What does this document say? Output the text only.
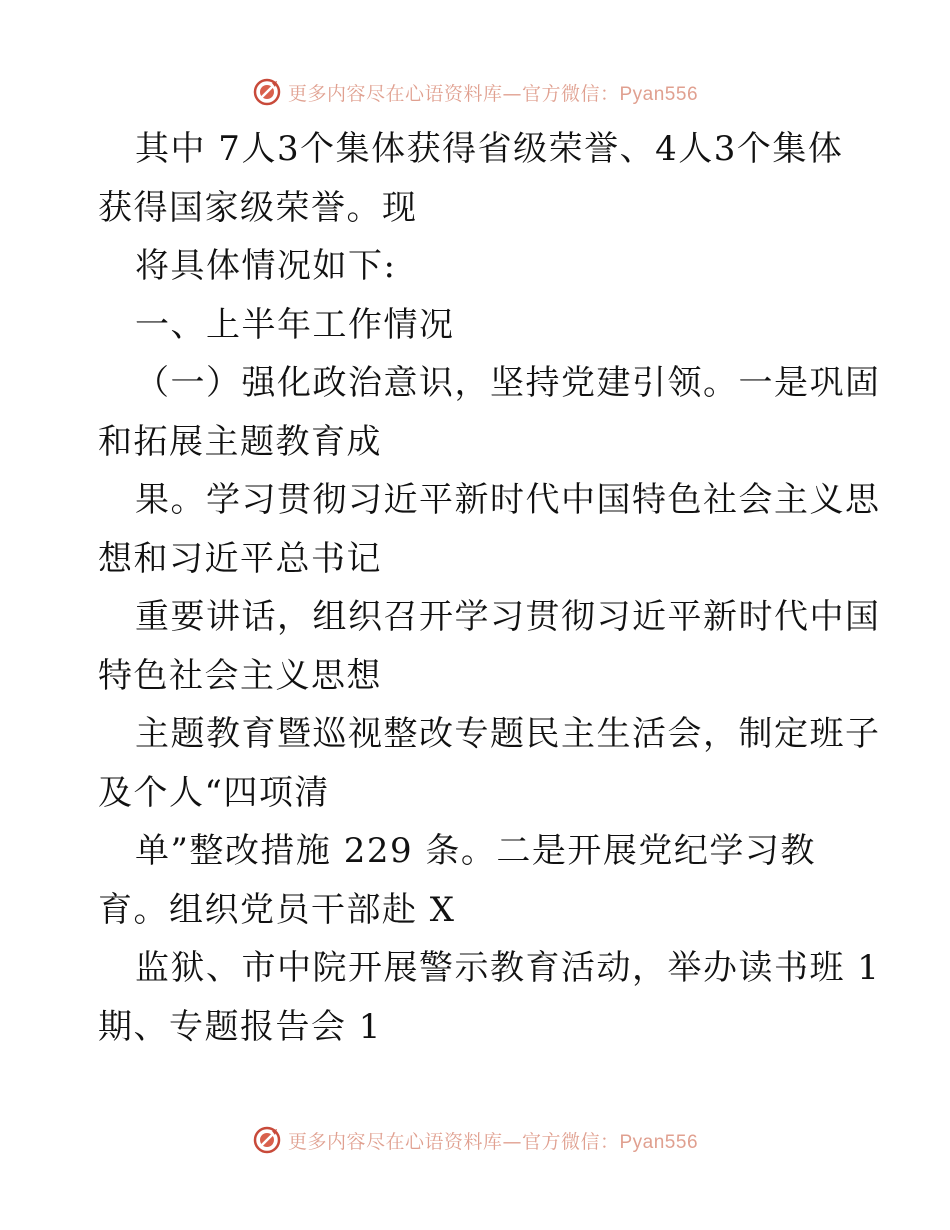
更多内容尽在心语资料库—官方微信：Pyan556
其中 7人3个集体获得省级荣誉、4人3个集体
获得国家级荣誉。现
将具体情况如下:
一、上半年工作情况
（一）强化政治意识，坚持党建引领。一是巩固
和拓展主题教育成
果。学习贯彻习近平新时代中国特色社会主义思
想和习近平总书记
重要讲话，组织召开学习贯彻习近平新时代中国
特色社会主义思想
主题教育暨巡视整改专题民主生活会，制定班子
及个人“四项清
单”整改措施 229 条。二是开展党纪学习教
育。组织党员干部赴 X
监狱、市中院开展警示教育活动，举办读书班 1
期、专题报告会 1
更多内容尽在心语资料库—官方微信：Pyan556
